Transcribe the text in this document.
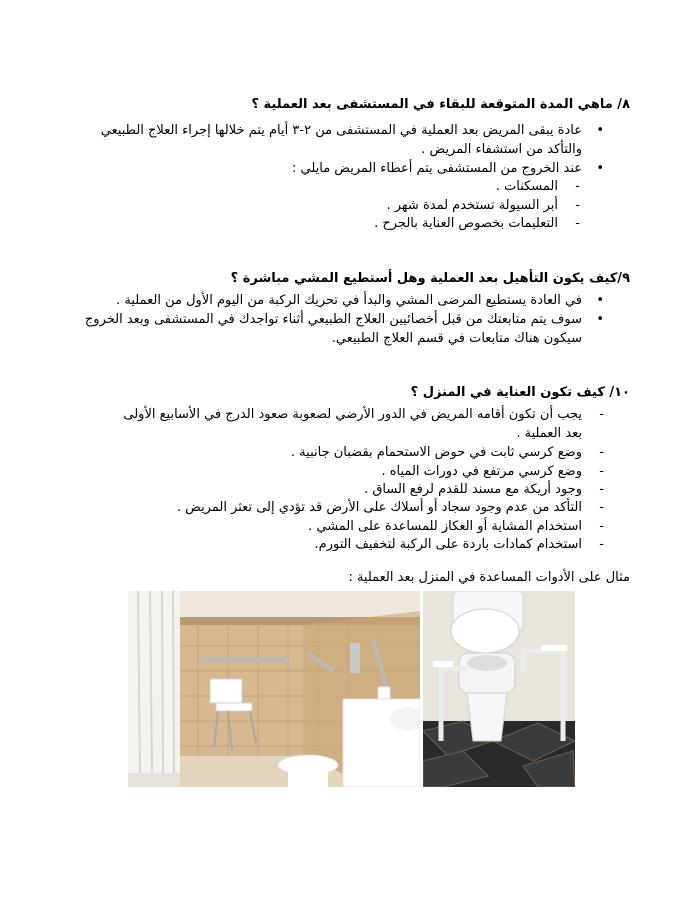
٨/ ماهي المدة المتوقعة للبقاء في المستشفى بعد العملية ؟

• عادة يبقى المريض بعد العملية في المستشفى من ٢-٣ أيام يتم خلالها إجراء العلاج الطبيعي

والتأكد من استشفاء المريض .

• عند الخروج من المستشفى يتم أعطاء المريض مايلي :

- المسكنات .

- أبر السيولة تستخدم لمدة شهر .

- التعليمات بخصوص العناية بالجرح .

٩/كيف يكون التأهيل بعد العملية وهل أستطيع المشي مباشرة ؟

• في العادة يستطيع المرضى المشي والبدأ في تحريك الركبة من اليوم الأول من العملية .

• سوف يتم متابعتك من قبل أخصائيين العلاج الطبيعي أثناء تواجدك في المستشفى وبعد الخروج

سيكون هناك متابعات في قسم العلاج الطبيعي.

١٠/ كيف تكون العناية في المنزل ؟

- يجب أن تكون أقامه المريض في الدور الأرضي لصعوبة صعود الدرج في الأسابيع الأولى

بعد العملية .

- وضع كرسي ثابت في حوض الاستحمام بقضبان جانبية .

- وضع كرسي مرتفع في دورات المياه .

- وجود أريكة مع مسند للقدم لرفع الساق .

- التأكد من عدم وجود سجاد أو أسلاك على الأرض قد تؤدي إلى تعثر المريض .

- استخدام المشاية أو العكاز للمساعدة على المشي .

- استخدام كمادات باردة على الركبة لتخفيف التورم.

مثال على الأدوات المساعدة في المنزل بعد العملية :
